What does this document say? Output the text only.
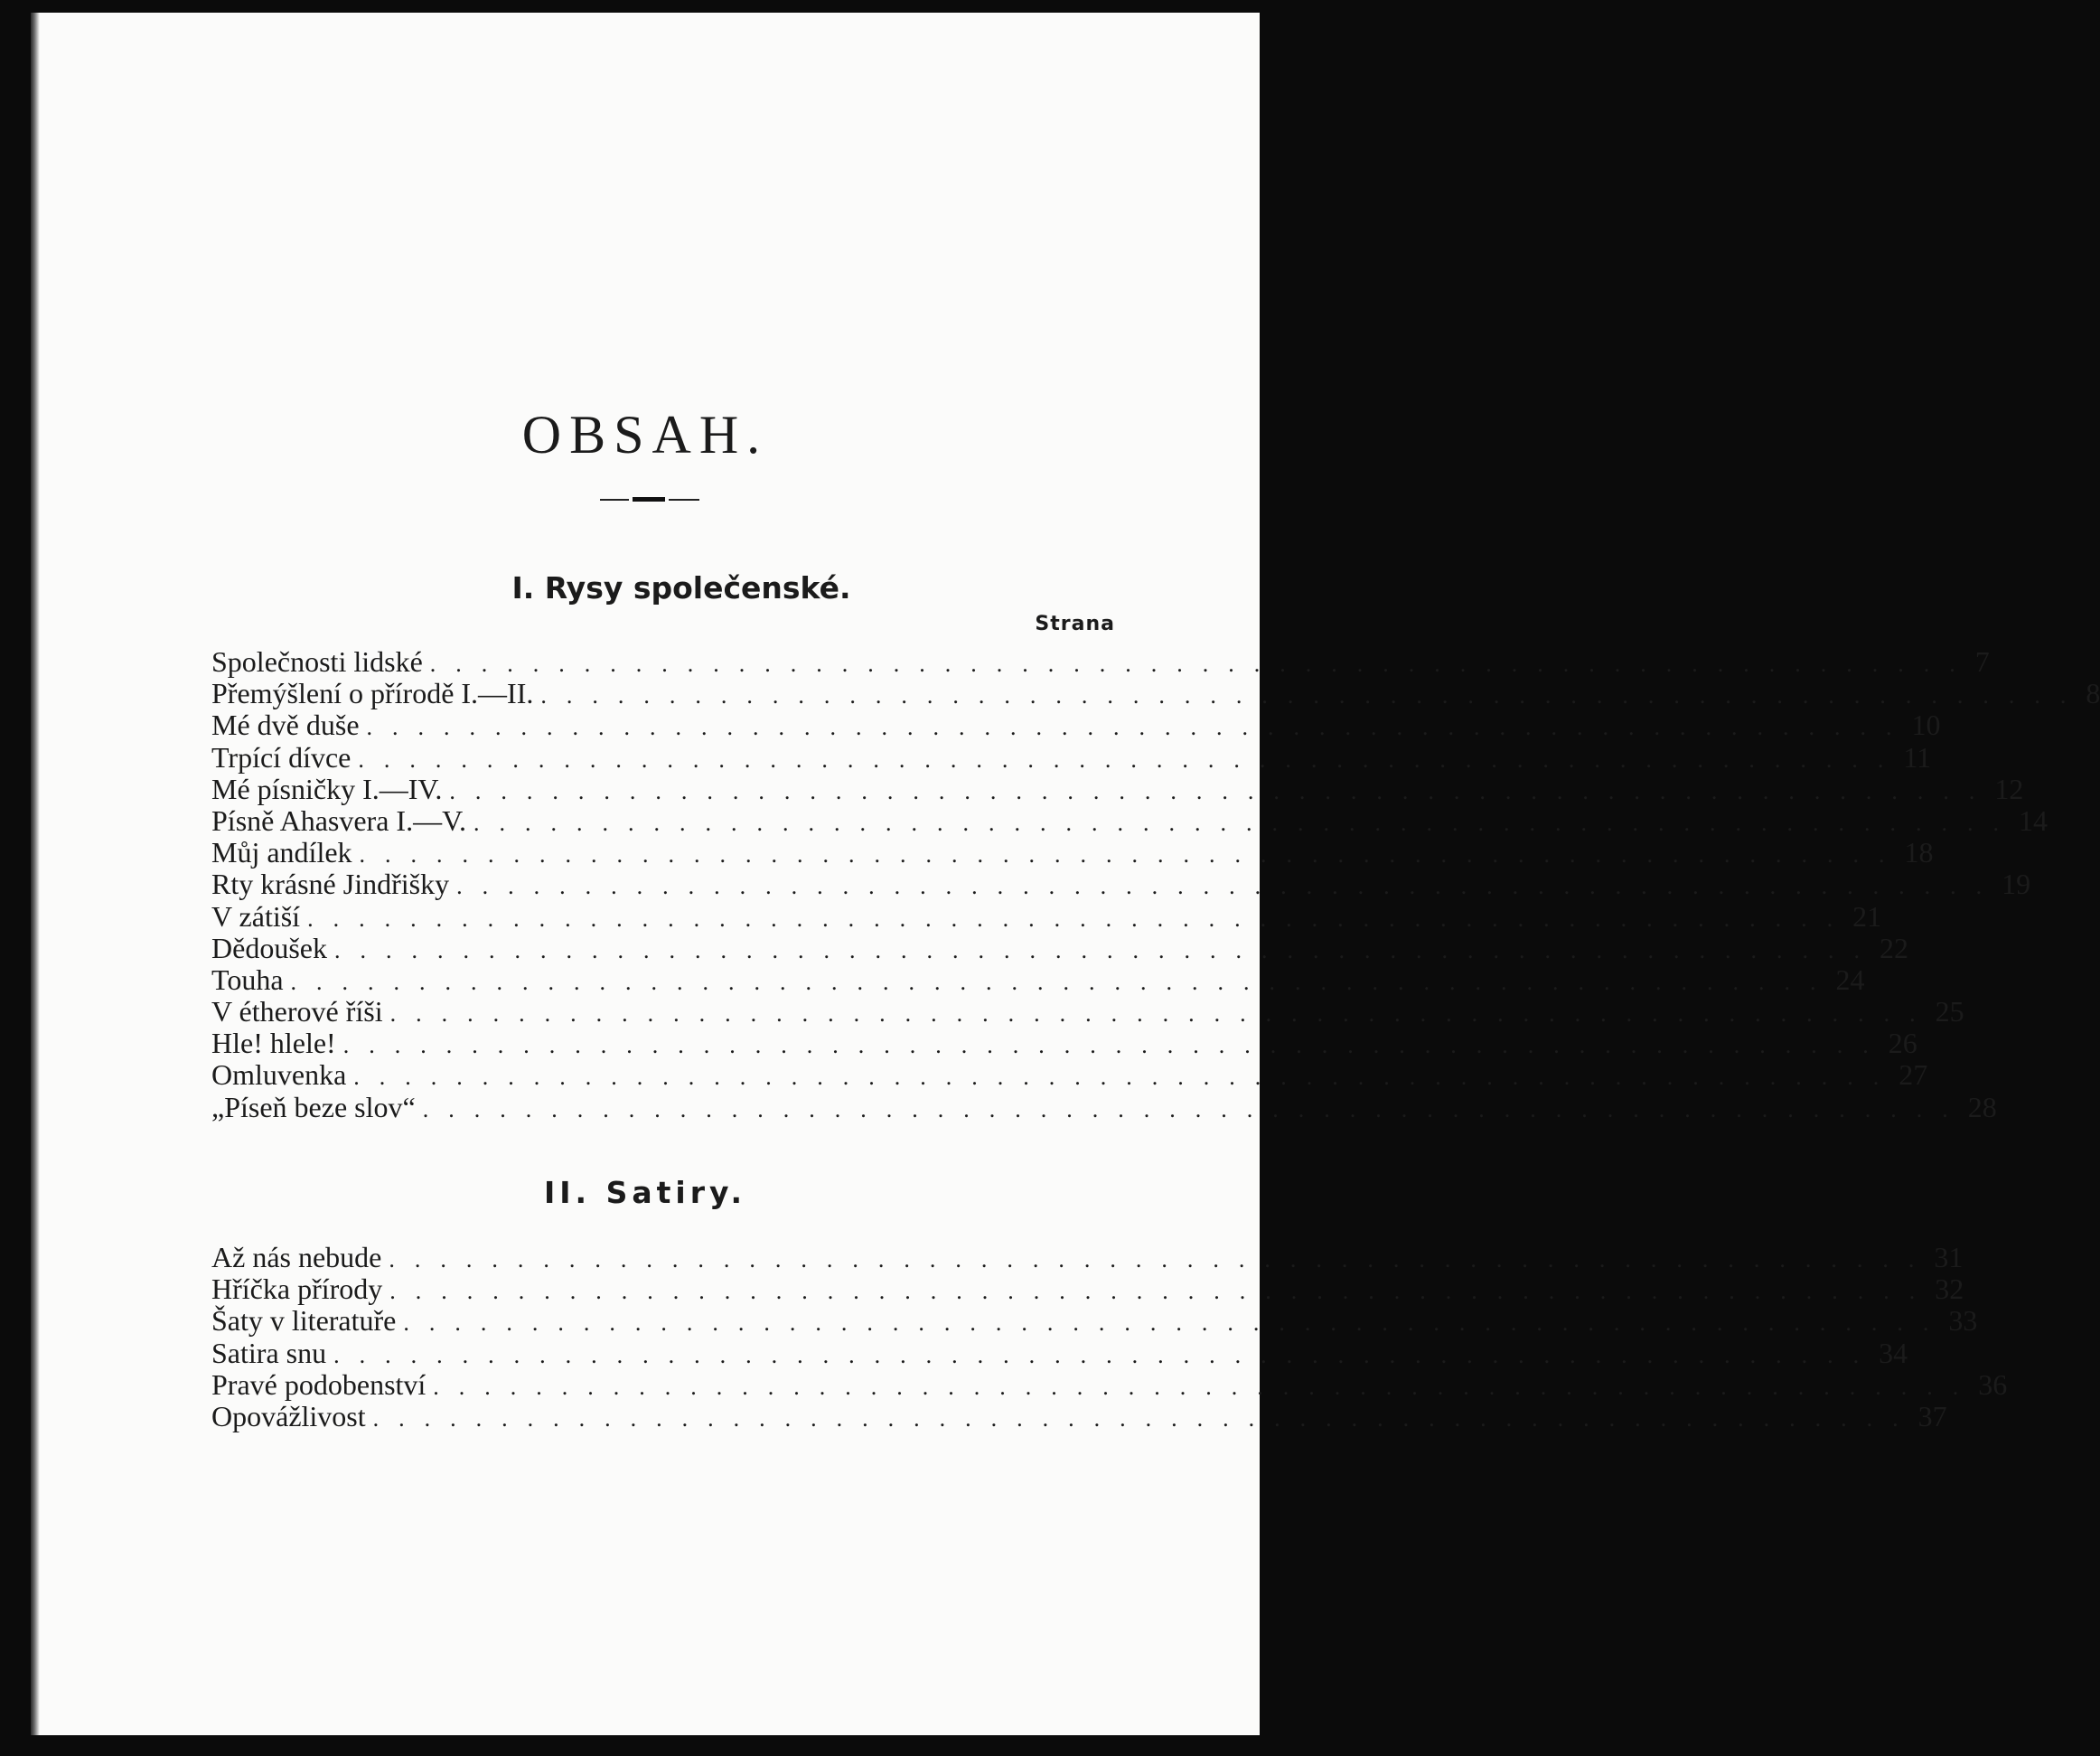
OBSAH.
I. Rysy společenské.
Strana
Společnosti lidské ............................................................ 7
Přemýšlení o přírodě I.—II. ............................................................ 8
Mé dvě duše ............................................................ 10
Trpící dívce ............................................................ 11
Mé písničky I.—IV. ............................................................ 12
Písně Ahasvera I.—V. ............................................................ 14
Můj andílek ............................................................ 18
Rty krásné Jindřišky ............................................................ 19
V zátiší ............................................................ 21
Dědoušek ............................................................ 22
Touha ............................................................ 24
V étherové říši ............................................................ 25
Hle! hlele! ............................................................ 26
Omluvenka ............................................................ 27
„Píseň beze slov“ ............................................................ 28
II. Satiry.
Až nás nebude ............................................................ 31
Hříčka přírody ............................................................ 32
Šaty v literatuře ............................................................ 33
Satira snu ............................................................ 34
Pravé podobenství ............................................................ 36
Opovážlivost ............................................................ 37
